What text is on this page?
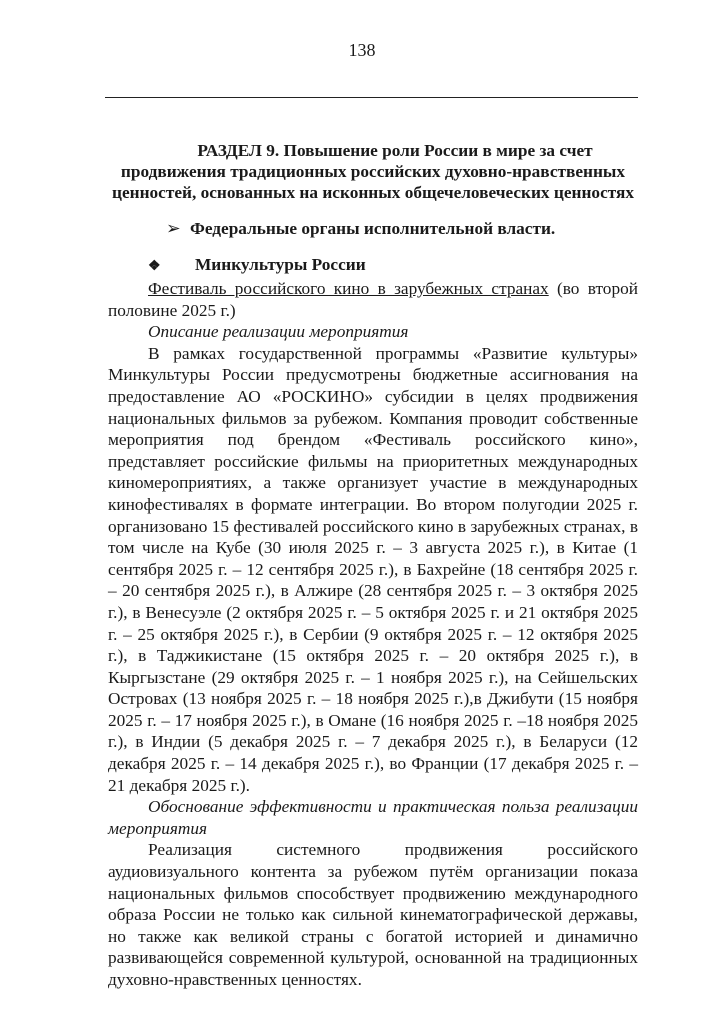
138
РАЗДЕЛ 9. Повышение роли России в мире за счет
продвижения традиционных российских духовно-нравственных
ценностей, основанных на исконных общечеловеческих ценностях
➢ Федеральные органы исполнительной власти.
❖ Минкультуры России

Фестиваль российского кино в зарубежных странах (во второй половине 2025 г.)

Описание реализации мероприятия

В рамках государственной программы «Развитие культуры» Минкультуры России предусмотрены бюджетные ассигнования на предоставление АО «РОСКИНО» субсидии в целях продвижения национальных фильмов за рубежом. Компания проводит собственные мероприятия под брендом «Фестиваль российского кино», представляет российские фильмы на приоритетных международных киномероприятиях, а также организует участие в международных кинофестивалях в формате интеграции. Во втором полугодии 2025 г. организовано 15 фестивалей российского кино в зарубежных странах, в том числе на Кубе (30 июля 2025 г. – 3 августа 2025 г.), в Китае (1 сентября 2025 г. – 12 сентября 2025 г.), в Бахрейне (18 сентября 2025 г. – 20 сентября 2025 г.), в Алжире (28 сентября 2025 г. – 3 октября 2025 г.), в Венесуэле (2 октября 2025 г. – 5 октября 2025 г. и 21 октября 2025 г. – 25 октября 2025 г.), в Сербии (9 октября 2025 г. – 12 октября 2025 г.), в Таджикистане (15 октября 2025 г. – 20 октября 2025 г.), в Кыргызстане (29 октября 2025 г. – 1 ноября 2025 г.), на Сейшельских Островах (13 ноября 2025 г. – 18 ноября 2025 г.),в Джибути (15 ноября 2025 г. – 17 ноября 2025 г.), в Омане (16 ноября 2025 г. –18 ноября 2025 г.), в Индии (5 декабря 2025 г. – 7 декабря 2025 г.), в Беларуси (12 декабря 2025 г. – 14 декабря 2025 г.), во Франции (17 декабря 2025 г. – 21 декабря 2025 г.).

Обоснование эффективности и практическая польза реализации мероприятия

Реализация системного продвижения российского аудиовизуального контента за рубежом путём организации показа национальных фильмов способствует продвижению международного образа России не только как сильной кинематографической державы, но также как великой страны с богатой историей и динамично развивающейся современной культурой, основанной на традиционных духовно-нравственных ценностях.
